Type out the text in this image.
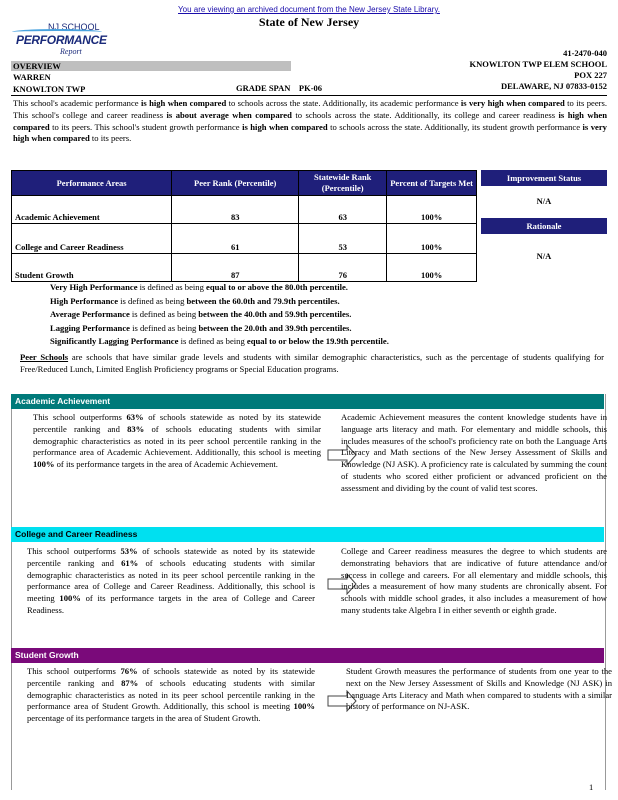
You are viewing an archived document from the New Jersey State Library.
State of New Jersey
NJ SCHOOL
PERFORMANCE
Report	41-2470-040
KNOWLTON TWP ELEM SCHOOL
POX 227
DELAWARE, NJ 07833-0152
OVERVIEW
WARREN
KNOWLTON TWP	GRADE SPAN PK-06
This school's academic performance is high when compared to schools across the state. Additionally, its academic performance is very high when compared to its peers. This school's college and career readiness is about average when compared to schools across the state. Additionally, its college and career readiness is high when compared to its peers. This school's student growth performance is high when compared to schools across the state. Additionally, its student growth performance is very high when compared to its peers.
Performance Areas	Peer Rank (Percentile)	Statewide Rank (Percentile)	Percent of Targets Met
Academic Achievement	83	63	100%
College and Career Readiness	61	53	100%
Student Growth	87	76	100%
Improvement Status
N/A
Rationale
N/A
Very High Performance is defined as being equal to or above the 80.0th percentile.
High Performance is defined as being between the 60.0th and 79.9th percentiles.
Average Performance is defined as being between the 40.0th and 59.9th percentiles.
Lagging Performance is defined as being between the 20.0th and 39.9th percentiles.
Significantly Lagging Performance is defined as being equal to or below the 19.9th percentile.
Peer Schools are schools that have similar grade levels and students with similar demographic characteristics, such as the percentage of students qualifying for Free/Reduced Lunch, Limited English Proficiency programs or Special Education programs.
Academic Achievement
This school outperforms 63% of schools statewide as noted by its statewide percentile ranking and 83% of schools educating students with similar demographic characteristics as noted in its peer school percentile ranking in the performance area of Academic Achievement. Additionally, this school is meeting 100% of its performance targets in the area of Academic Achievement.
Academic Achievement measures the content knowledge students have in language arts literacy and math. For elementary and middle schools, this includes measures of the school's proficiency rate on both the Language Arts Literacy and Math sections of the New Jersey Assessment of Skills and Knowledge (NJ ASK). A proficiency rate is calculated by summing the count of students who scored either proficient or advanced proficient on the assessment and dividing by the count of valid test scores.
College and Career Readiness
This school outperforms 53% of schools statewide as noted by its statewide percentile ranking and 61% of schools educating students with similar demographic characteristics as noted in its peer school percentile ranking in the performance area of College and Career Readiness. Additionally, this school is meeting 100% of its performance targets in the area of College and Career Readiness.
College and Career readiness measures the degree to which students are demonstrating behaviors that are indicative of future attendance and/or success in college and careers. For all elementary and middle schools, this includes a measurement of how many students are chronically absent. For schools with middle school grades, it also includes a measurement of how many students take Algebra I in either seventh or eighth grade.
Student Growth
This school outperforms 76% of schools statewide as noted by its statewide percentile ranking and 87% of schools educating students with similar demographic characteristics as noted in its peer school percentile ranking in the performance area of Student Growth. Additionally, this school is meeting 100% percentage of its performance targets in the area of Student Growth.
Student Growth measures the performance of students from one year to the next on the New Jersey Assessment of Skills and Knowledge (NJ ASK) in Language Arts Literacy and Math when compared to students with a similar history of performance on NJ-ASK.
1
